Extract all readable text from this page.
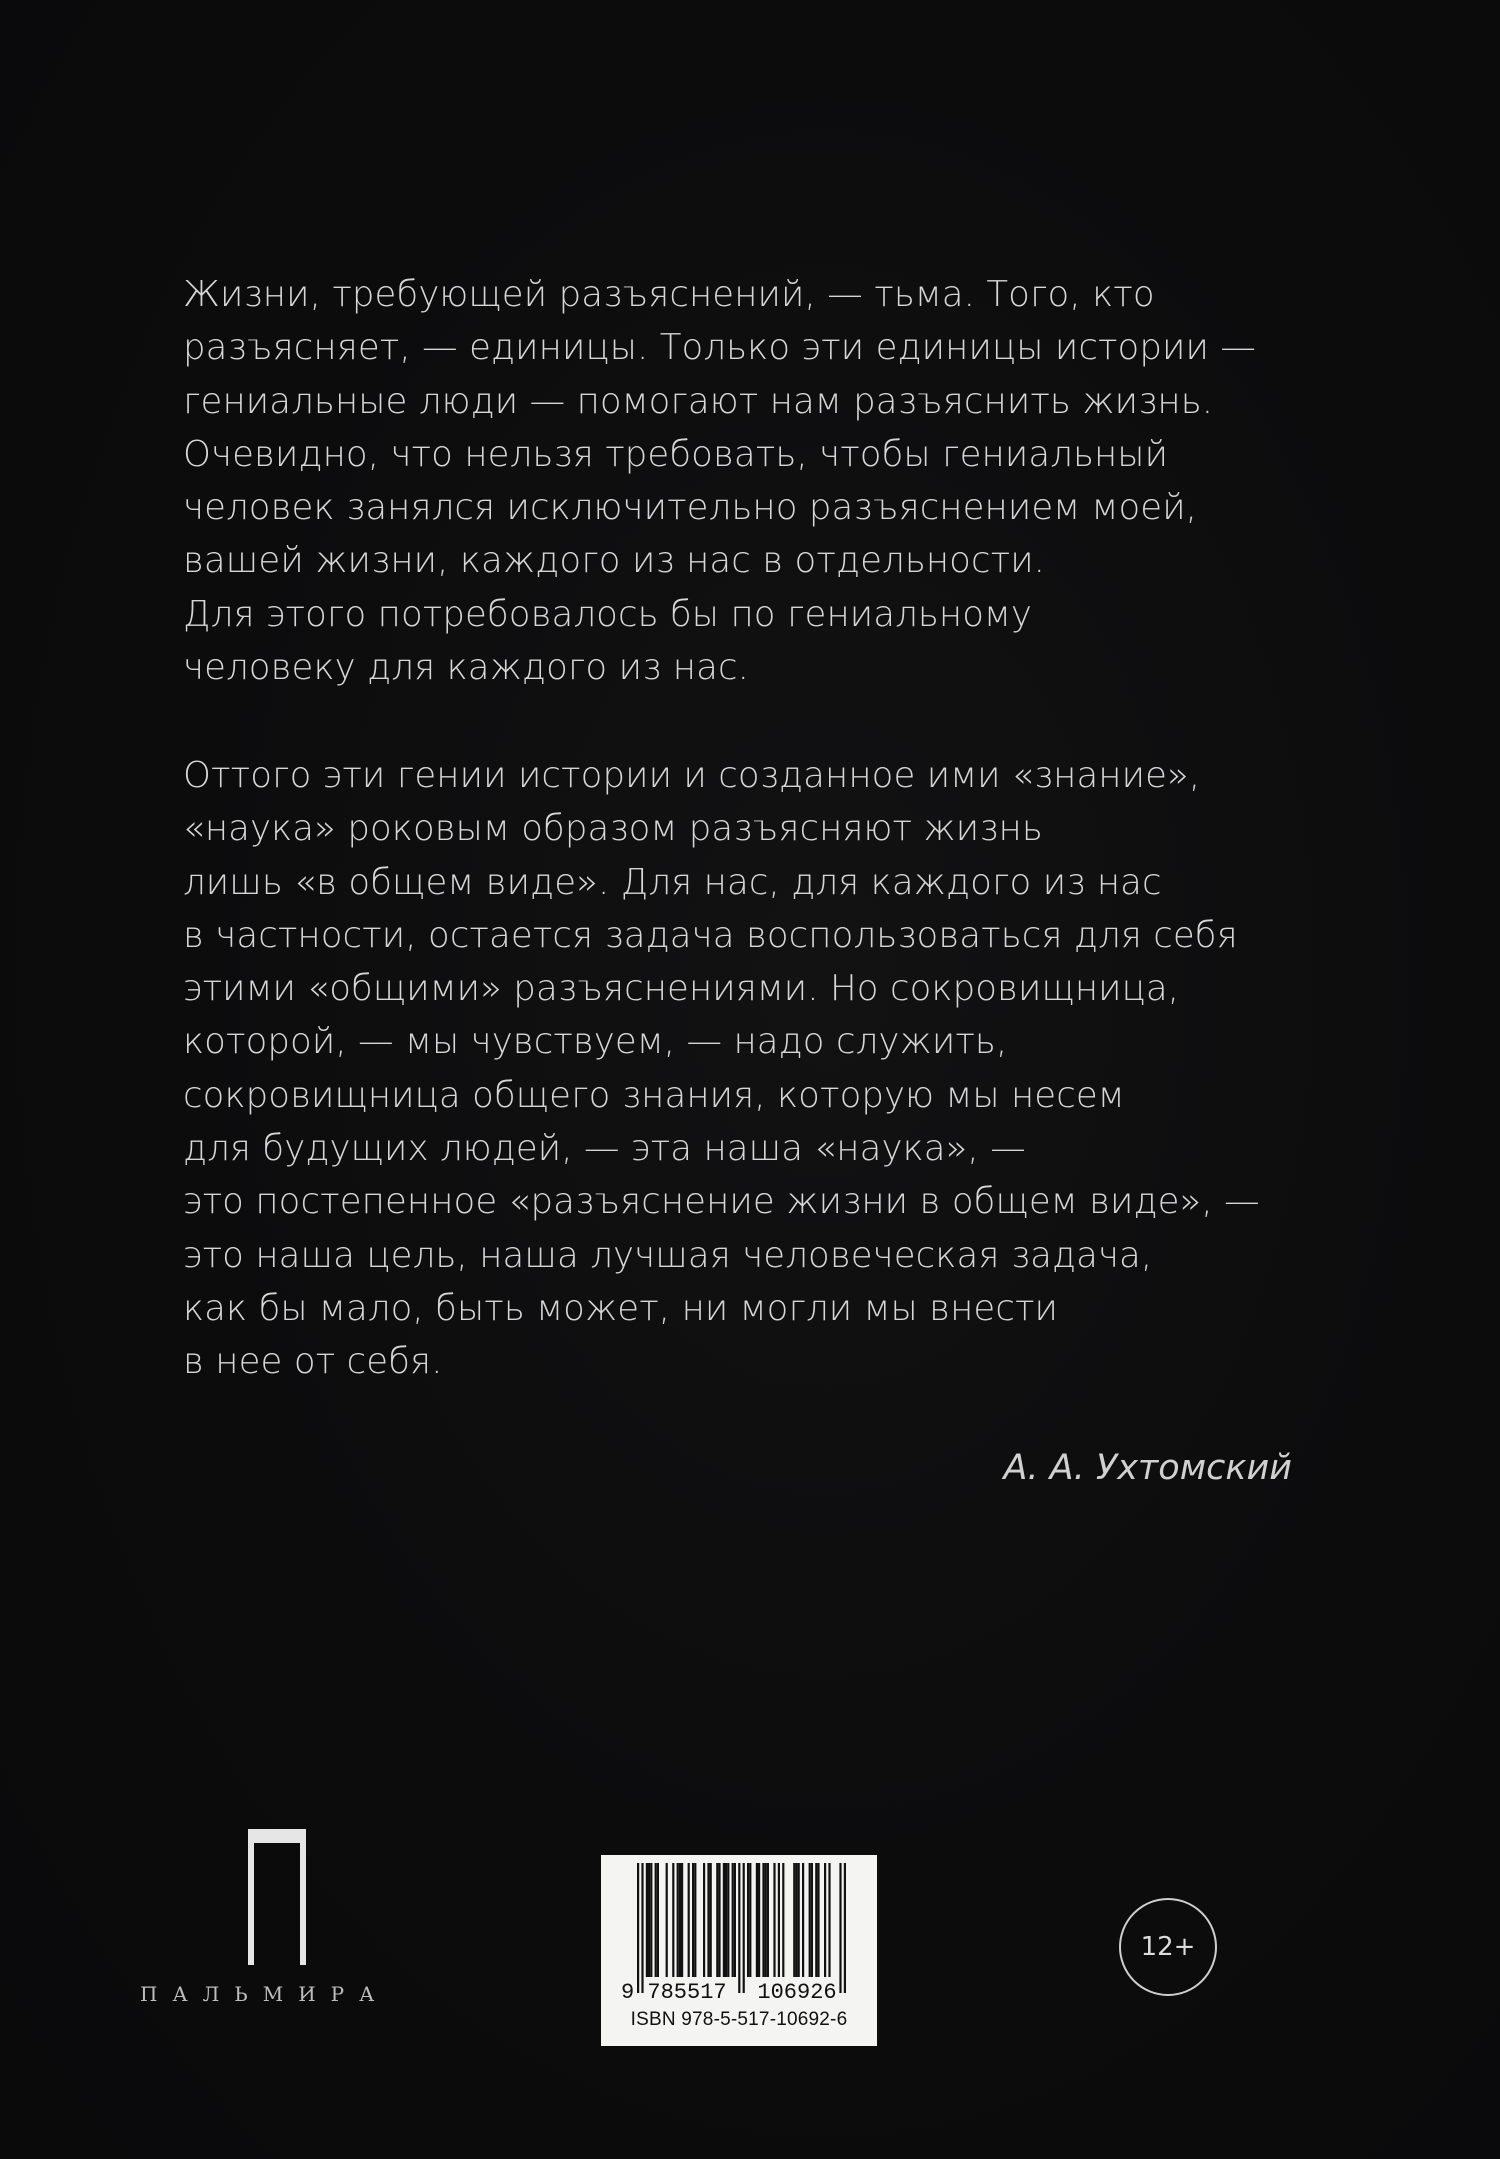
Жизни, требующей разъяснений, — тьма. Того, кто
разъясняет, — единицы. Только эти единицы истории —
гениальные люди — помогают нам разъяснить жизнь.
Очевидно, что нельзя требовать, чтобы гениальный
человек занялся исключительно разъяснением моей,
вашей жизни, каждого из нас в отдельности.
Для этого потребовалось бы по гениальному
человеку для каждого из нас.
Оттого эти гении истории и созданное ими «знание»,
«наука» роковым образом разъясняют жизнь
лишь «в общем виде». Для нас, для каждого из нас
в частности, остается задача воспользоваться для себя
этими «общими» разъяснениями. Но сокровищница,
которой, — мы чувствуем, — надо служить,
сокровищница общего знания, которую мы несем
для будущих людей, — эта наша «наука», —
это постепенное «разъяснение жизни в общем виде», —
это наша цель, наша лучшая человеческая задача,
как бы мало, быть может, ни могли мы внести
в нее от себя.
А. А. Ухтомский
ПАЛЬМИРА	9 785517 106926
ISBN 978-5-517-10692-6
12+
